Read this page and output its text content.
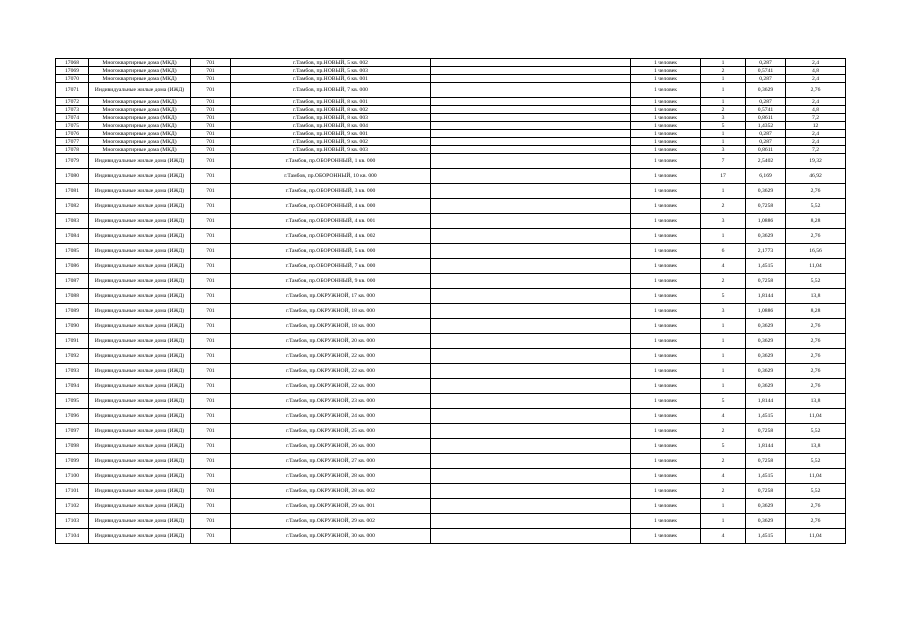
17068	Многоквартирные дома (МКД)	701	г.Тамбов, пр.НОВЫЙ, 5 кв. 002		1 человек	1	0,287	2,4
17069	Многоквартирные дома (МКД)	701	г.Тамбов, пр.НОВЫЙ, 5 кв. 003		1 человек	2	0,5741	4,8
17070	Многоквартирные дома (МКД)	701	г.Тамбов, пр.НОВЫЙ, 6 кв. 001		1 человек	1	0,287	2,4
17071	Индивидуальные жилые дома (ИЖД)	701	г.Тамбов, пр.НОВЫЙ, 7 кв. 000		1 человек	1	0,3629	2,76
17072	Многоквартирные дома (МКД)	701	г.Тамбов, пр.НОВЫЙ, 8 кв. 001		1 человек	1	0,287	2,4
17073	Многоквартирные дома (МКД)	701	г.Тамбов, пр.НОВЫЙ, 8 кв. 002		1 человек	2	0,5741	4,8
17074	Многоквартирные дома (МКД)	701	г.Тамбов, пр.НОВЫЙ, 8 кв. 003		1 человек	3	0,8611	7,2
17075	Многоквартирные дома (МКД)	701	г.Тамбов, пр.НОВЫЙ, 8 кв. 004		1 человек	5	1,4352	12
17076	Многоквартирные дома (МКД)	701	г.Тамбов, пр.НОВЫЙ, 9 кв. 001		1 человек	1	0,287	2,4
17077	Многоквартирные дома (МКД)	701	г.Тамбов, пр.НОВЫЙ, 9 кв. 002		1 человек	1	0,287	2,4
17078	Многоквартирные дома (МКД)	701	г.Тамбов, пр.НОВЫЙ, 9 кв. 003		1 человек	3	0,8611	7,2
17079	Индивидуальные жилые дома (ИЖД)	701	г.Тамбов, пр.ОБОРОННЫЙ, 1 кв. 000		1 человек	7	2,5402	19,32
17080	Индивидуальные жилые дома (ИЖД)	701	г.Тамбов, пр.ОБОРОННЫЙ, 10 кв. 000		1 человек	17	6,169	46,92
17081	Индивидуальные жилые дома (ИЖД)	701	г.Тамбов, пр.ОБОРОННЫЙ, 3 кв. 000		1 человек	1	0,3629	2,76
17082	Индивидуальные жилые дома (ИЖД)	701	г.Тамбов, пр.ОБОРОННЫЙ, 4 кв. 000		1 человек	2	0,7258	5,52
17083	Индивидуальные жилые дома (ИЖД)	701	г.Тамбов, пр.ОБОРОННЫЙ, 4 кв. 001		1 человек	3	1,0886	8,28
17084	Индивидуальные жилые дома (ИЖД)	701	г.Тамбов, пр.ОБОРОННЫЙ, 4 кв. 002		1 человек	1	0,3629	2,76
17085	Индивидуальные жилые дома (ИЖД)	701	г.Тамбов, пр.ОБОРОННЫЙ, 5 кв. 000		1 человек	6	2,1773	16,56
17086	Индивидуальные жилые дома (ИЖД)	701	г.Тамбов, пр.ОБОРОННЫЙ, 7 кв. 000		1 человек	4	1,4515	11,04
17087	Индивидуальные жилые дома (ИЖД)	701	г.Тамбов, пр.ОБОРОННЫЙ, 9 кв. 000		1 человек	2	0,7258	5,52
17088	Индивидуальные жилые дома (ИЖД)	701	г.Тамбов, пр.ОКРУЖНОЙ, 17 кв. 000		1 человек	5	1,8144	13,8
17089	Индивидуальные жилые дома (ИЖД)	701	г.Тамбов, пр.ОКРУЖНОЙ, 18 кв. 000		1 человек	3	1,0886	8,28
17090	Индивидуальные жилые дома (ИЖД)	701	г.Тамбов, пр.ОКРУЖНОЙ, 18 кв. 000		1 человек	1	0,3629	2,76
17091	Индивидуальные жилые дома (ИЖД)	701	г.Тамбов, пр.ОКРУЖНОЙ, 20 кв. 000		1 человек	1	0,3629	2,76
17092	Индивидуальные жилые дома (ИЖД)	701	г.Тамбов, пр.ОКРУЖНОЙ, 22 кв. 000		1 человек	1	0,3629	2,76
17093	Индивидуальные жилые дома (ИЖД)	701	г.Тамбов, пр.ОКРУЖНОЙ, 22 кв. 000		1 человек	1	0,3629	2,76
17094	Индивидуальные жилые дома (ИЖД)	701	г.Тамбов, пр.ОКРУЖНОЙ, 22 кв. 000		1 человек	1	0,3629	2,76
17095	Индивидуальные жилые дома (ИЖД)	701	г.Тамбов, пр.ОКРУЖНОЙ, 23 кв. 000		1 человек	5	1,8144	13,8
17096	Индивидуальные жилые дома (ИЖД)	701	г.Тамбов, пр.ОКРУЖНОЙ, 24 кв. 000		1 человек	4	1,4515	11,04
17097	Индивидуальные жилые дома (ИЖД)	701	г.Тамбов, пр.ОКРУЖНОЙ, 25 кв. 000		1 человек	2	0,7258	5,52
17098	Индивидуальные жилые дома (ИЖД)	701	г.Тамбов, пр.ОКРУЖНОЙ, 26 кв. 000		1 человек	5	1,8144	13,8
17099	Индивидуальные жилые дома (ИЖД)	701	г.Тамбов, пр.ОКРУЖНОЙ, 27 кв. 000		1 человек	2	0,7258	5,52
17100	Индивидуальные жилые дома (ИЖД)	701	г.Тамбов, пр.ОКРУЖНОЙ, 28 кв. 000		1 человек	4	1,4515	11,04
17101	Индивидуальные жилые дома (ИЖД)	701	г.Тамбов, пр.ОКРУЖНОЙ, 28 кв. 002		1 человек	2	0,7258	5,52
17102	Индивидуальные жилые дома (ИЖД)	701	г.Тамбов, пр.ОКРУЖНОЙ, 29 кв. 001		1 человек	1	0,3629	2,76
17103	Индивидуальные жилые дома (ИЖД)	701	г.Тамбов, пр.ОКРУЖНОЙ, 29 кв. 002		1 человек	1	0,3629	2,76
17104	Индивидуальные жилые дома (ИЖД)	701	г.Тамбов, пр.ОКРУЖНОЙ, 30 кв. 000		1 человек	4	1,4515	11,04
